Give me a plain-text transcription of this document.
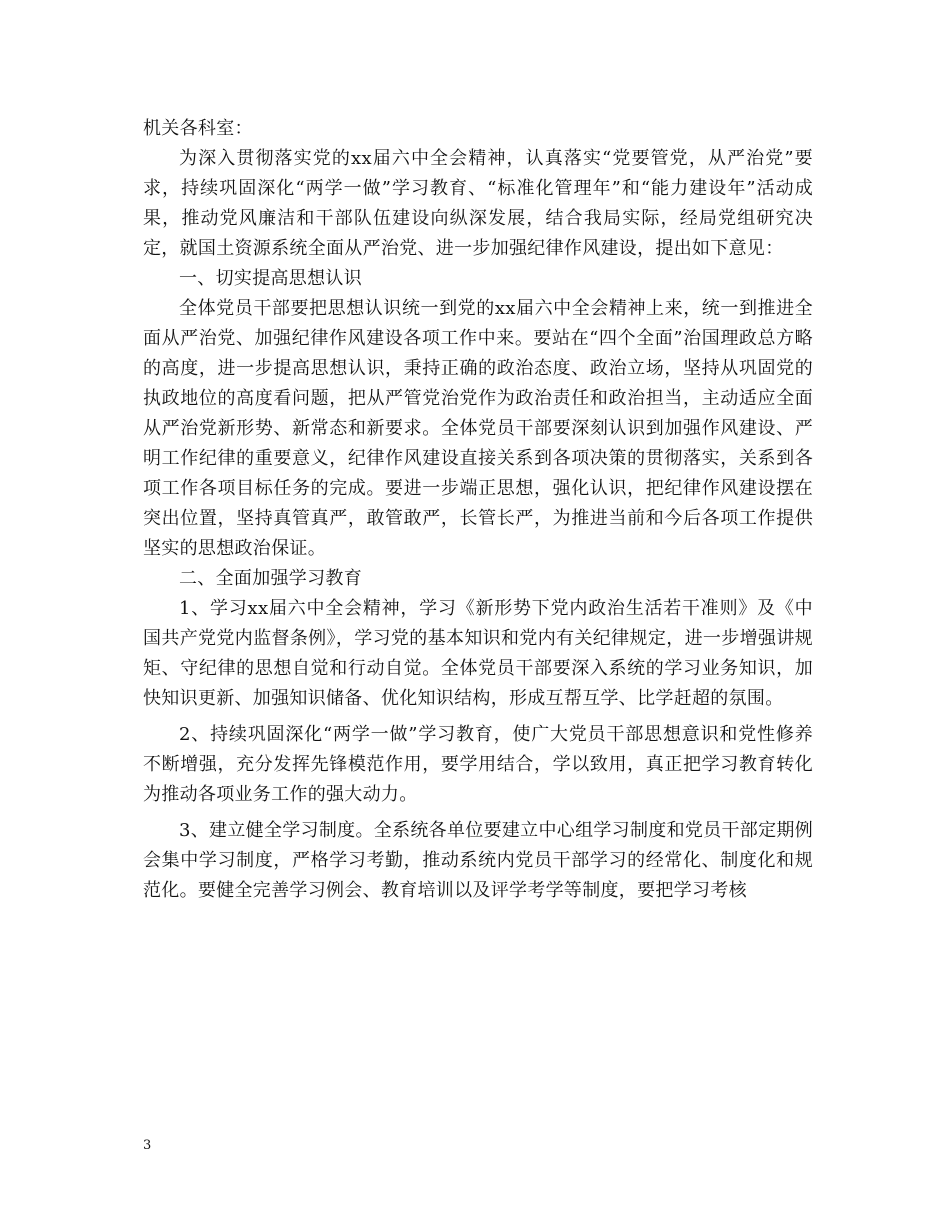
机关各科室：

为深入贯彻落实党的xx届六中全会精神，认真落实“党要管党，从严治党”要求，持续巩固深化“两学一做”学习教育、“标准化管理年”和“能力建设年”活动成果，推动党风廉洁和干部队伍建设向纵深发展，结合我局实际，经局党组研究决定，就国土资源系统全面从严治党、进一步加强纪律作风建设，提出如下意见：

一、切实提高思想认识

全体党员干部要把思想认识统一到党的xx届六中全会精神上来，统一到推进全面从严治党、加强纪律作风建设各项工作中来。要站在“四个全面”治国理政总方略的高度，进一步提高思想认识，秉持正确的政治态度、政治立场，坚持从巩固党的执政地位的高度看问题，把从严管党治党作为政治责任和政治担当，主动适应全面从严治党新形势、新常态和新要求。全体党员干部要深刻认识到加强作风建设、严明工作纪律的重要意义，纪律作风建设直接关系到各项决策的贯彻落实，关系到各项工作各项目标任务的完成。要进一步端正思想，强化认识，把纪律作风建设摆在突出位置，坚持真管真严，敢管敢严，长管长严，为推进当前和今后各项工作提供坚实的思想政治保证。

二、全面加强学习教育

1、学习xx届六中全会精神，学习《新形势下党内政治生活若干准则》及《中国共产党党内监督条例》，学习党的基本知识和党内有关纪律规定，进一步增强讲规矩、守纪律的思想自觉和行动自觉。全体党员干部要深入系统的学习业务知识，加快知识更新、加强知识储备、优化知识结构，形成互帮互学、比学赶超的氛围。

2、持续巩固深化“两学一做”学习教育，使广大党员干部思想意识和党性修养不断增强，充分发挥先锋模范作用，要学用结合，学以致用，真正把学习教育转化为推动各项业务工作的强大动力。

3、建立健全学习制度。全系统各单位要建立中心组学习制度和党员干部定期例会集中学习制度，严格学习考勤，推动系统内党员干部学习的经常化、制度化和规范化。要健全完善学习例会、教育培训以及评学考学等制度，要把学习考核

3
